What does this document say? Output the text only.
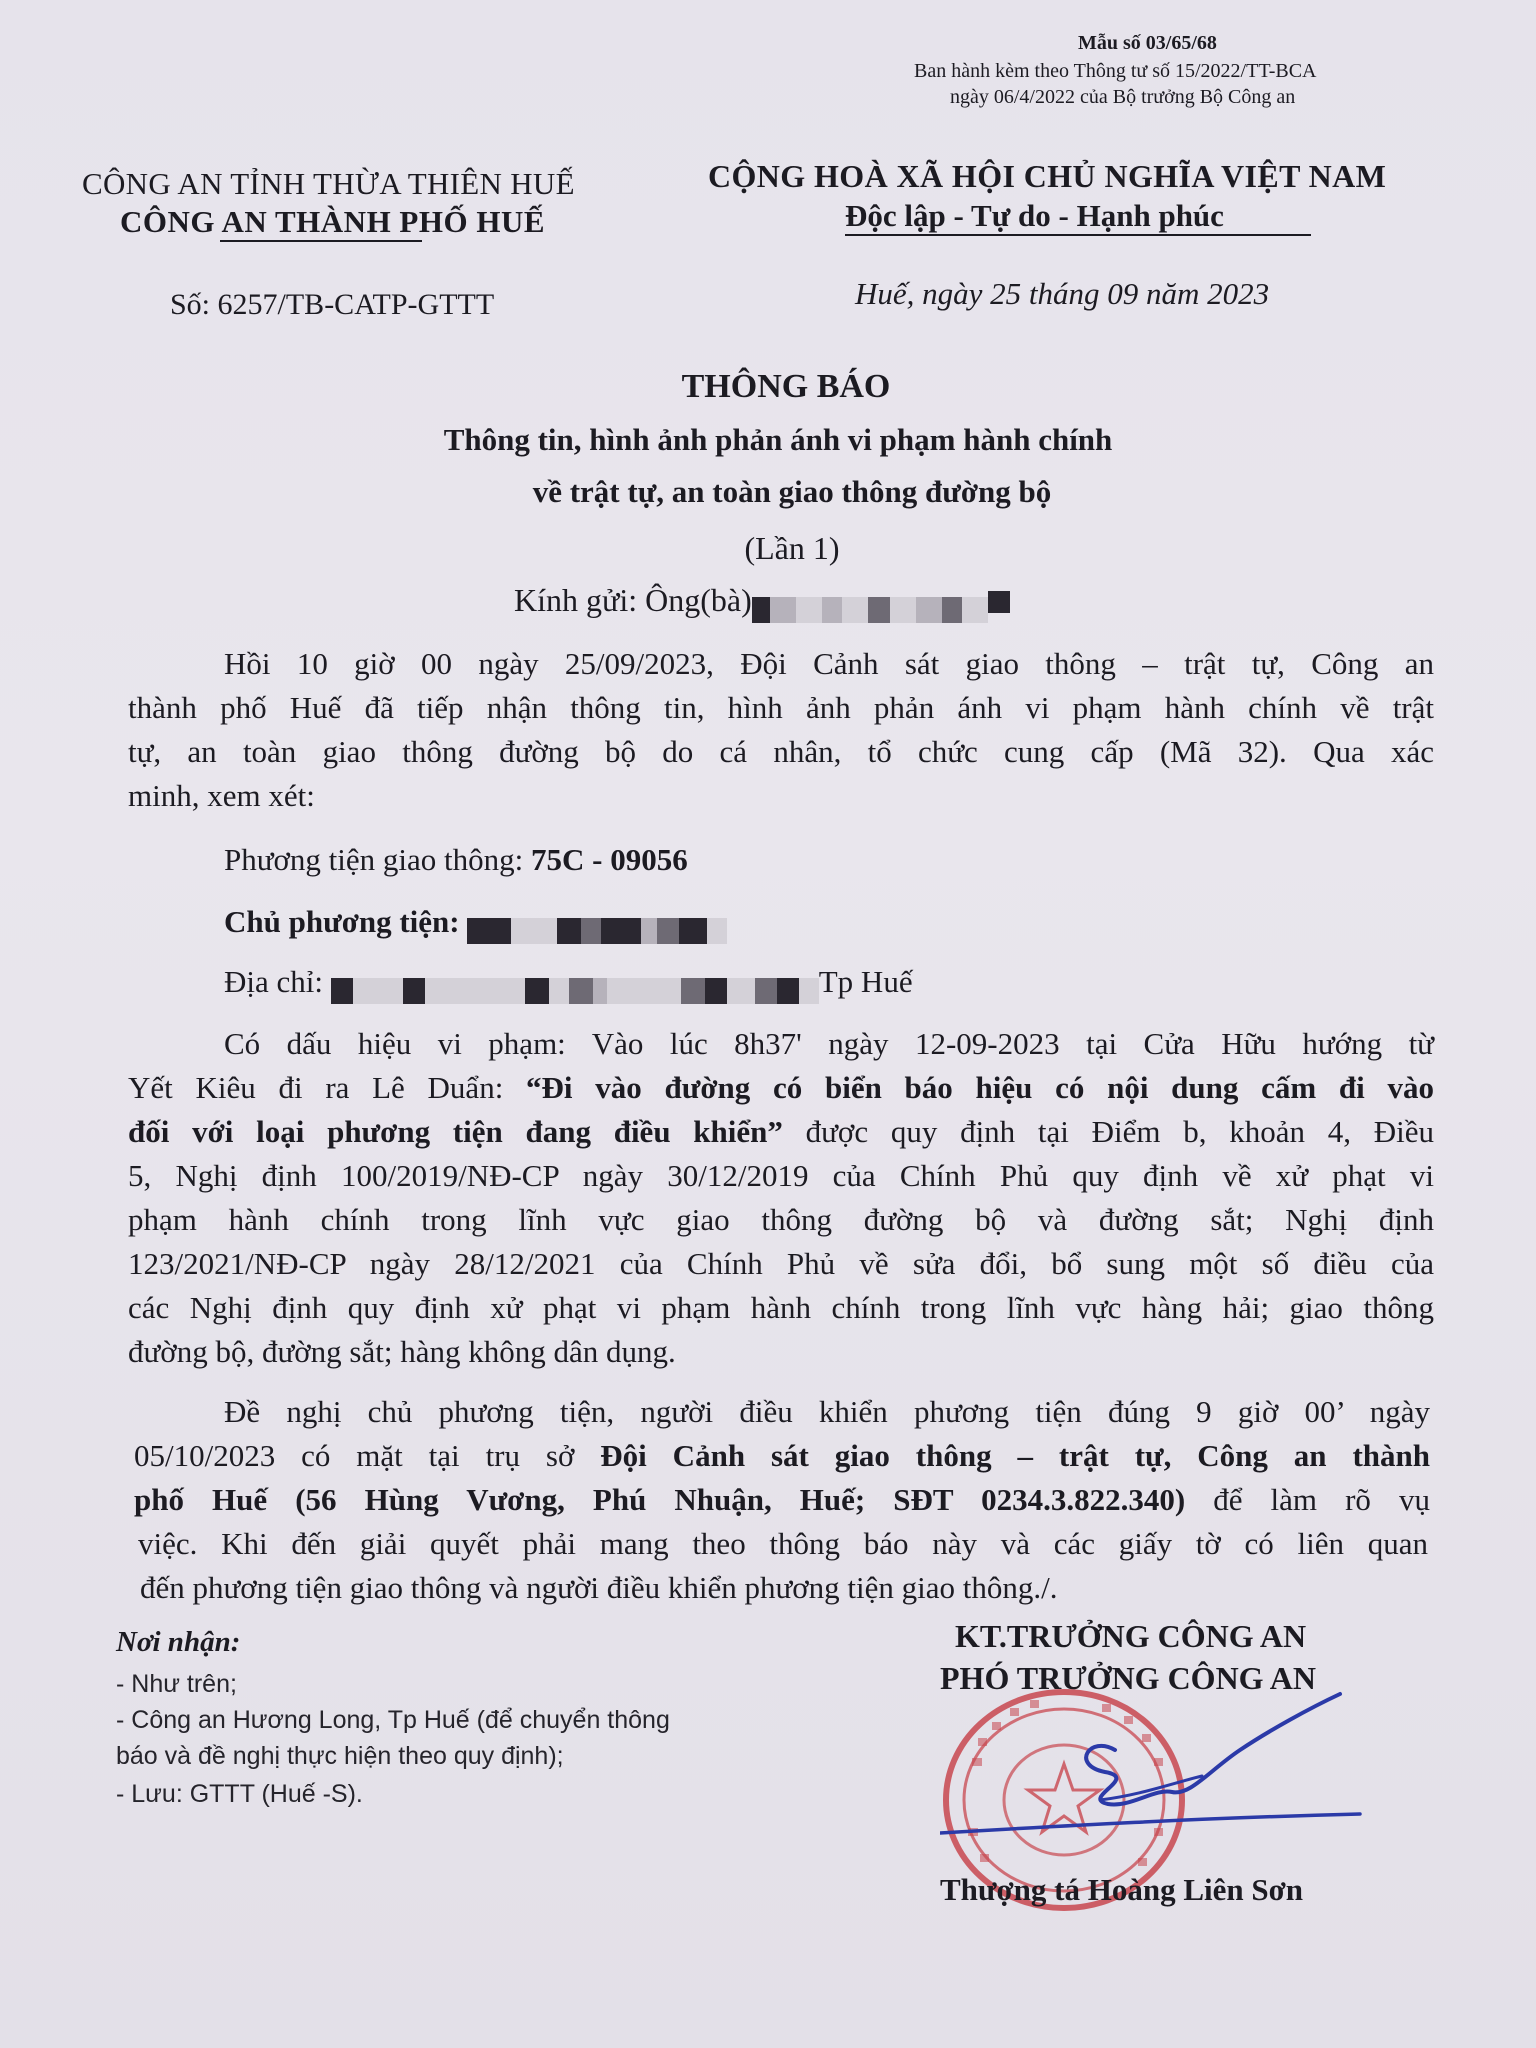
Mẫu số 03/65/68
Ban hành kèm theo Thông tư số 15/2022/TT-BCA
ngày 06/4/2022 của Bộ trưởng Bộ Công an
CÔNG AN TỈNH THỪA THIÊN HUẾ
CÔNG AN THÀNH PHỐ HUẾ
Số: 6257/TB-CATP-GTTT
CỘNG HOÀ XÃ HỘI CHỦ NGHĨA VIỆT NAM
Độc lập - Tự do - Hạnh phúc
Huế, ngày 25 tháng 09 năm 2023
THÔNG BÁO
Thông tin, hình ảnh phản ánh vi phạm hành chính
về trật tự, an toàn giao thông đường bộ
(Lần 1)
Kính gửi: Ông(bà)
Hồi 10 giờ 00 ngày 25/09/2023, Đội Cảnh sát giao thông – trật tự, Công an
thành phố Huế đã tiếp nhận thông tin, hình ảnh phản ánh vi phạm hành chính về trật
tự, an toàn giao thông đường bộ do cá nhân, tổ chức cung cấp (Mã 32). Qua xác
minh, xem xét:
Phương tiện giao thông: 75C - 09056
Chủ phương tiện:
Địa chỉ:	Tp Huế
Có dấu hiệu vi phạm: Vào lúc 8h37' ngày 12-09-2023 tại Cửa Hữu hướng từ
Yết Kiêu đi ra Lê Duẩn: “Đi vào đường có biển báo hiệu có nội dung cấm đi vào
đối với loại phương tiện đang điều khiển” được quy định tại Điểm b, khoản 4, Điều
5, Nghị định 100/2019/NĐ-CP ngày 30/12/2019 của Chính Phủ quy định về xử phạt vi
phạm hành chính trong lĩnh vực giao thông đường bộ và đường sắt; Nghị định
123/2021/NĐ-CP ngày 28/12/2021 của Chính Phủ về sửa đổi, bổ sung một số điều của
các Nghị định quy định xử phạt vi phạm hành chính trong lĩnh vực hàng hải; giao thông
đường bộ, đường sắt; hàng không dân dụng.
Đề nghị chủ phương tiện, người điều khiển phương tiện đúng 9 giờ 00’ ngày
05/10/2023 có mặt tại trụ sở Đội Cảnh sát giao thông – trật tự, Công an thành
phố Huế (56 Hùng Vương, Phú Nhuận, Huế; SĐT 0234.3.822.340) để làm rõ vụ
việc. Khi đến giải quyết phải mang theo thông báo này và các giấy tờ có liên quan
đến phương tiện giao thông và người điều khiển phương tiện giao thông./.
Nơi nhận:
- Như trên;
- Công an Hương Long, Tp Huế (để chuyển thông
báo và đề nghị thực hiện theo quy định);
- Lưu: GTTT (Huế -S).
KT.TRƯỞNG CÔNG AN
PHÓ TRƯỞNG CÔNG AN
Thượng tá Hoàng Liên Sơn
